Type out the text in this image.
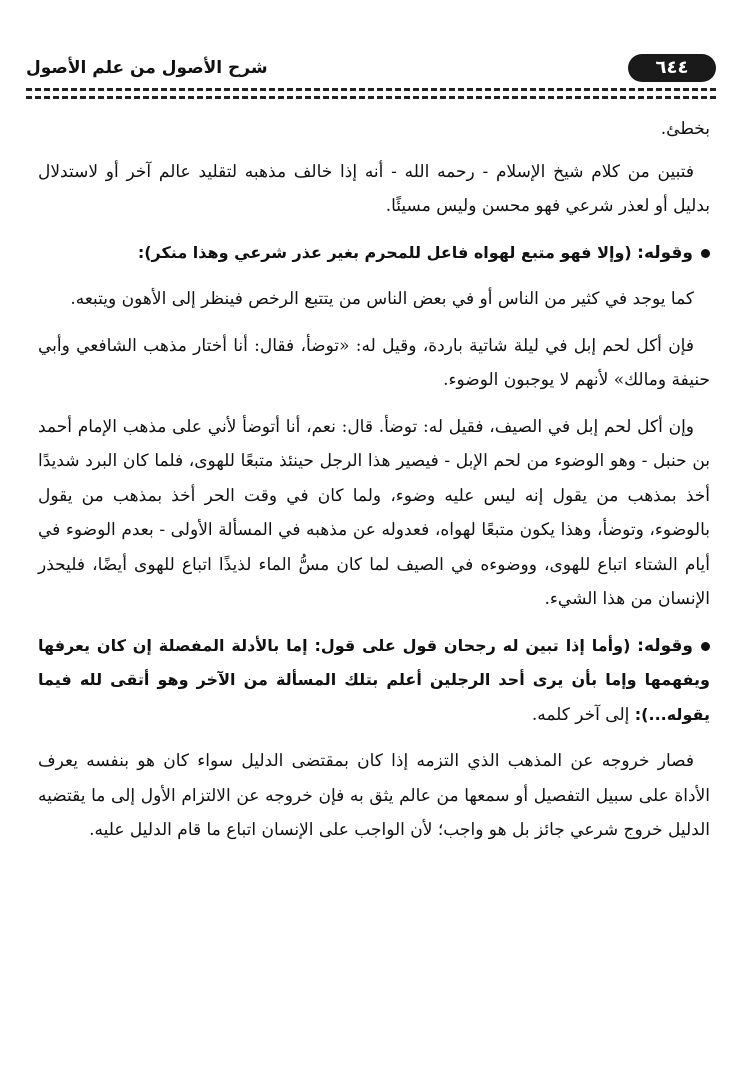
٦٤٤
شرح الأصول من علم الأصول

بخطئ.

فتبين من كلام شيخ الإسلام - رحمه الله - أنه إذا خالف مذهبه لتقليد عالم آخر أو لاستدلال بدليل أو لعذر شرعي فهو محسن وليس مسيئًا.

وقوله: (وإلا فهو متبع لهواه فاعل للمحرم بغير عذر شرعي وهذا منكر):

كما يوجد في كثير من الناس أو في بعض الناس من يتتبع الرخص فينظر إلى الأهون ويتبعه.

فإن أكل لحم إبل في ليلة شاتية باردة، وقيل له: «توضأ، فقال: أنا أختار مذهب الشافعي وأبي حنيفة ومالك» لأنهم لا يوجبون الوضوء.

وإن أكل لحم إبل في الصيف، فقيل له: توضأ. قال: نعم، أنا أتوضأ لأني على مذهب الإمام أحمد بن حنبل - وهو الوضوء من لحم الإبل - فيصير هذا الرجل حينئذ متبعًا للهوى، فلما كان البرد شديدًا أخذ بمذهب من يقول إنه ليس عليه وضوء، ولما كان في وقت الحر أخذ بمذهب من يقول بالوضوء، وتوضأ، وهذا يكون متبعًا لهواه، فعدوله عن مذهبه في المسألة الأولى - بعدم الوضوء في أيام الشتاء اتباع للهوى، ووضوءه في الصيف لما كان مسُّ الماء لذيذًا اتباع للهوى أيضًا، فليحذر الإنسان من هذا الشيء.

وقوله: (وأما إذا تبين له رجحان قول على قول: إما بالأدلة المفصلة إن كان يعرفها ويفهمها وإما بأن يرى أحد الرجلين أعلم بتلك المسألة من الآخر وهو أتقى لله فيما يقوله...): إلى آخر كلمه.

فصار خروجه عن المذهب الذي التزمه إذا كان بمقتضى الدليل سواء كان هو بنفسه يعرف الأداة على سبيل التفصيل أو سمعها من عالم يثق به فإن خروجه عن الالتزام الأول إلى ما يقتضيه الدليل خروج شرعي جائز بل هو واجب؛ لأن الواجب على الإنسان اتباع ما قام الدليل عليه.
